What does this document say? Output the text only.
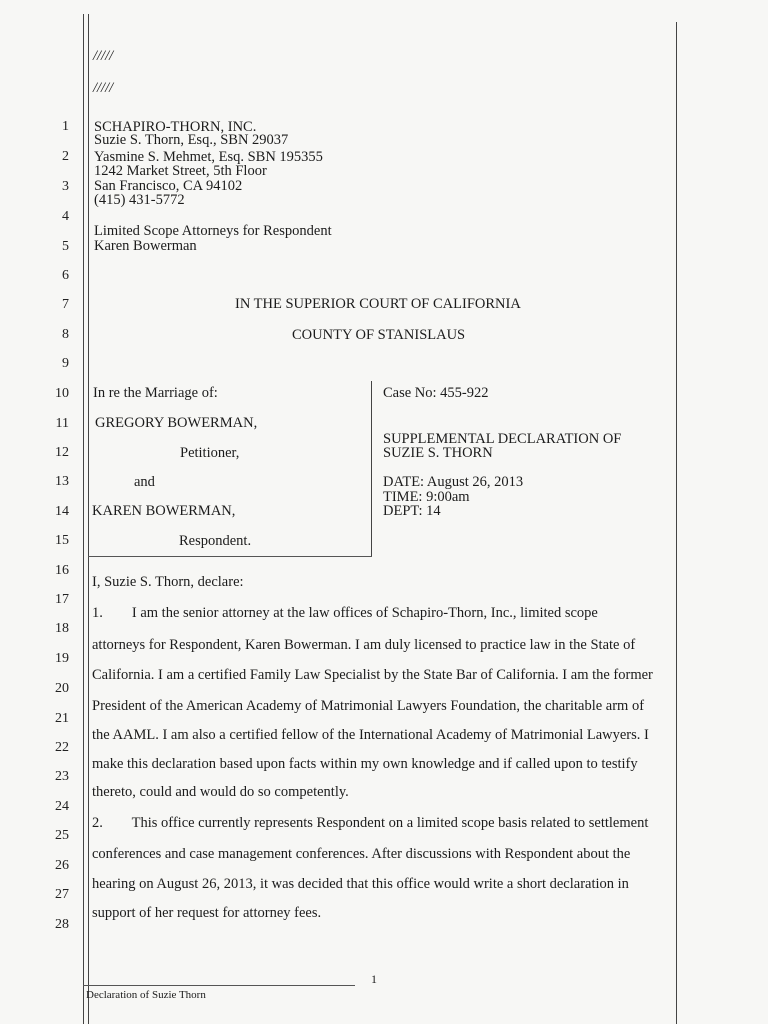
/////
/////
SCHAPIRO-THORN, INC.
Suzie S. Thorn, Esq., SBN 29037
Yasmine S. Mehmet, Esq. SBN 195355
1242 Market Street, 5th Floor
San Francisco, CA 94102
(415) 431-5772
Limited Scope Attorneys for Respondent
Karen Bowerman
IN THE SUPERIOR COURT OF CALIFORNIA
COUNTY OF STANISLAUS
In re the Marriage of:
GREGORY BOWERMAN,
Petitioner,
and
KAREN BOWERMAN,
Respondent.
Case No: 455-922
SUPPLEMENTAL DECLARATION OF
SUZIE S. THORN
DATE: August 26, 2013
TIME: 9:00am
DEPT: 14
I, Suzie S. Thorn, declare:
1.        I am the senior attorney at the law offices of Schapiro-Thorn, Inc., limited scope
attorneys for Respondent, Karen Bowerman. I am duly licensed to practice law in the State of
California. I am a certified Family Law Specialist by the State Bar of California. I am the former
President of the American Academy of Matrimonial Lawyers Foundation, the charitable arm of
the AAML. I am also a certified fellow of the International Academy of Matrimonial Lawyers. I
make this declaration based upon facts within my own knowledge and if called upon to testify
thereto, could and would do so competently.
2.        This office currently represents Respondent on a limited scope basis related to settlement
conferences and case management conferences. After discussions with Respondent about the
hearing on August 26, 2013, it was decided that this office would write a short declaration in
support of her request for attorney fees.
1
2
3
4
5
6
7
8
9
10
11
12
13
14
15
16
17
18
19
20
21
22
23
24
25
26
27
28
1
Declaration of Suzie Thorn
